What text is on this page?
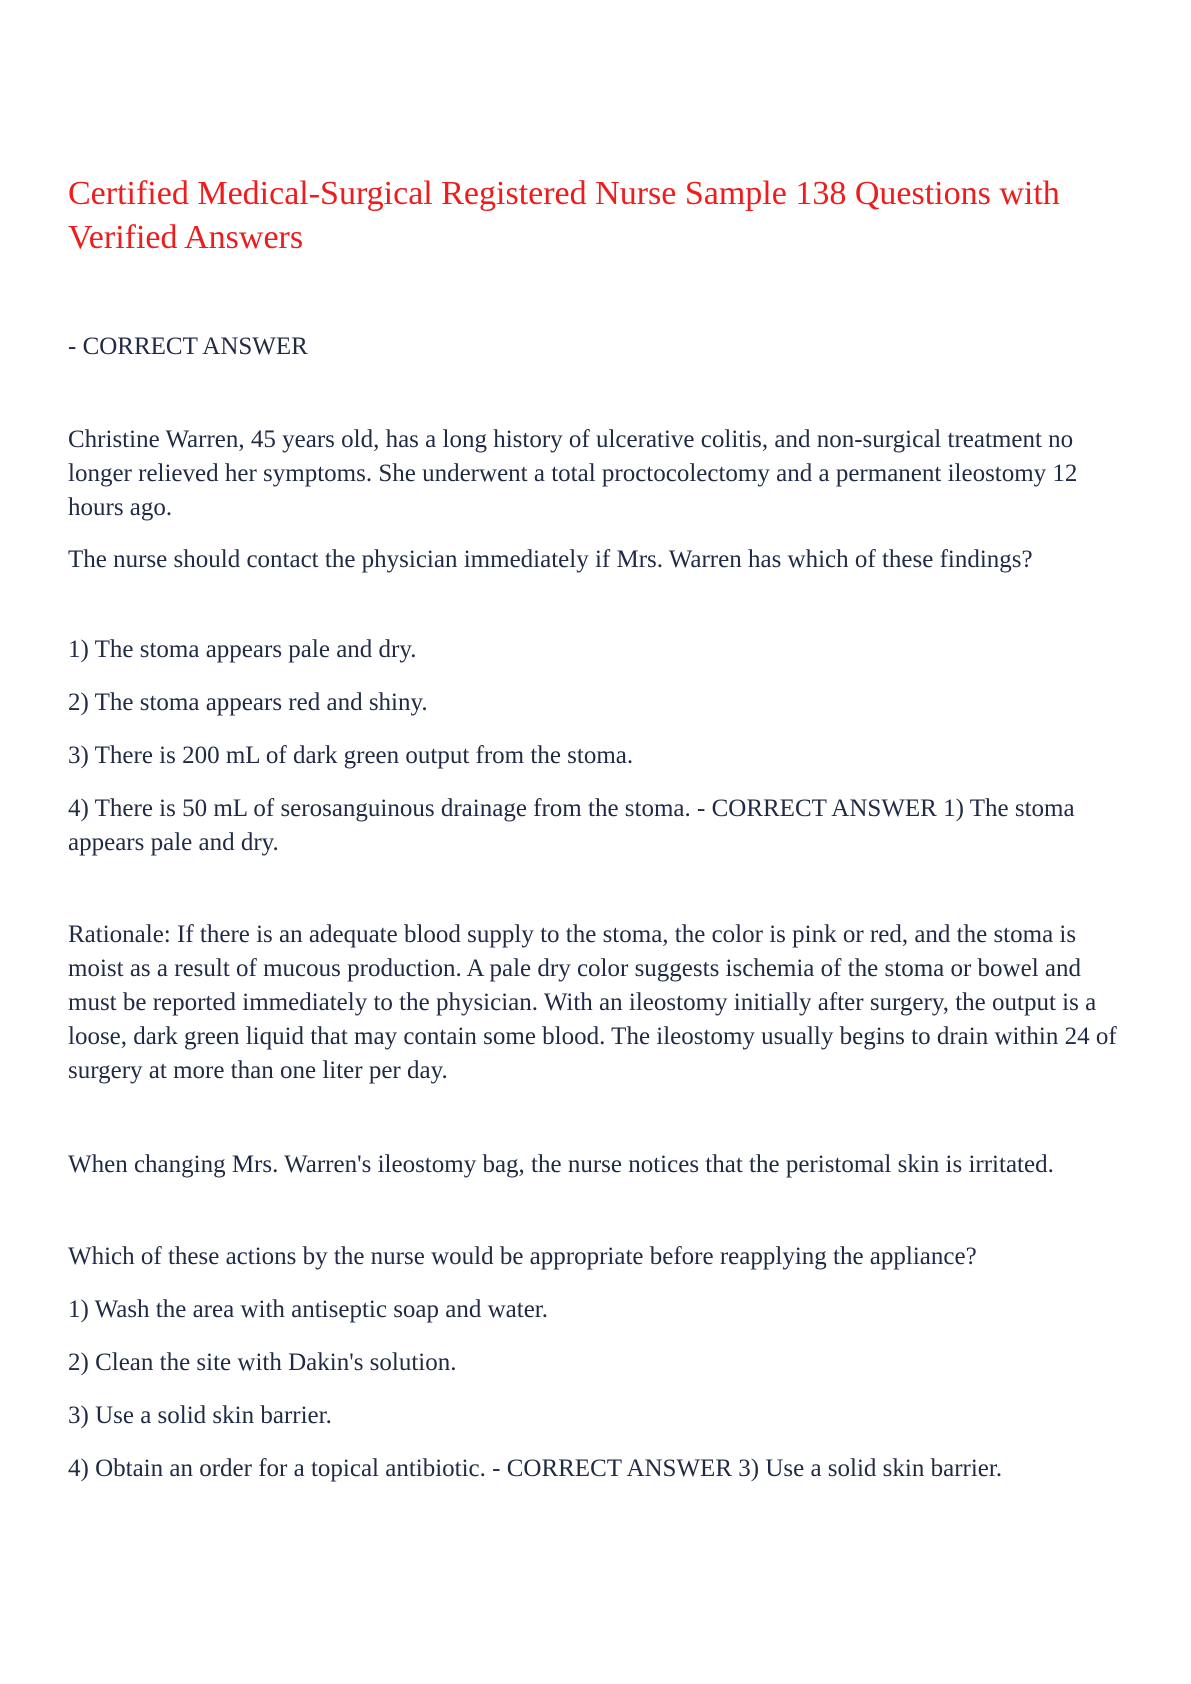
Certified Medical-Surgical Registered Nurse Sample 138 Questions with Verified Answers

- CORRECT ANSWER

Christine Warren, 45 years old, has a long history of ulcerative colitis, and non-surgical treatment no longer relieved her symptoms. She underwent a total proctocolectomy and a permanent ileostomy 12 hours ago.

The nurse should contact the physician immediately if Mrs. Warren has which of these findings?

1) The stoma appears pale and dry.

2) The stoma appears red and shiny.

3) There is 200 mL of dark green output from the stoma.

4) There is 50 mL of serosanguinous drainage from the stoma. - CORRECT ANSWER 1) The stoma appears pale and dry.

Rationale: If there is an adequate blood supply to the stoma, the color is pink or red, and the stoma is moist as a result of mucous production. A pale dry color suggests ischemia of the stoma or bowel and must be reported immediately to the physician. With an ileostomy initially after surgery, the output is a loose, dark green liquid that may contain some blood. The ileostomy usually begins to drain within 24 of surgery at more than one liter per day.

When changing Mrs. Warren's ileostomy bag, the nurse notices that the peristomal skin is irritated.

Which of these actions by the nurse would be appropriate before reapplying the appliance?

1) Wash the area with antiseptic soap and water.

2) Clean the site with Dakin's solution.

3) Use a solid skin barrier.

4) Obtain an order for a topical antibiotic. - CORRECT ANSWER 3) Use a solid skin barrier.
